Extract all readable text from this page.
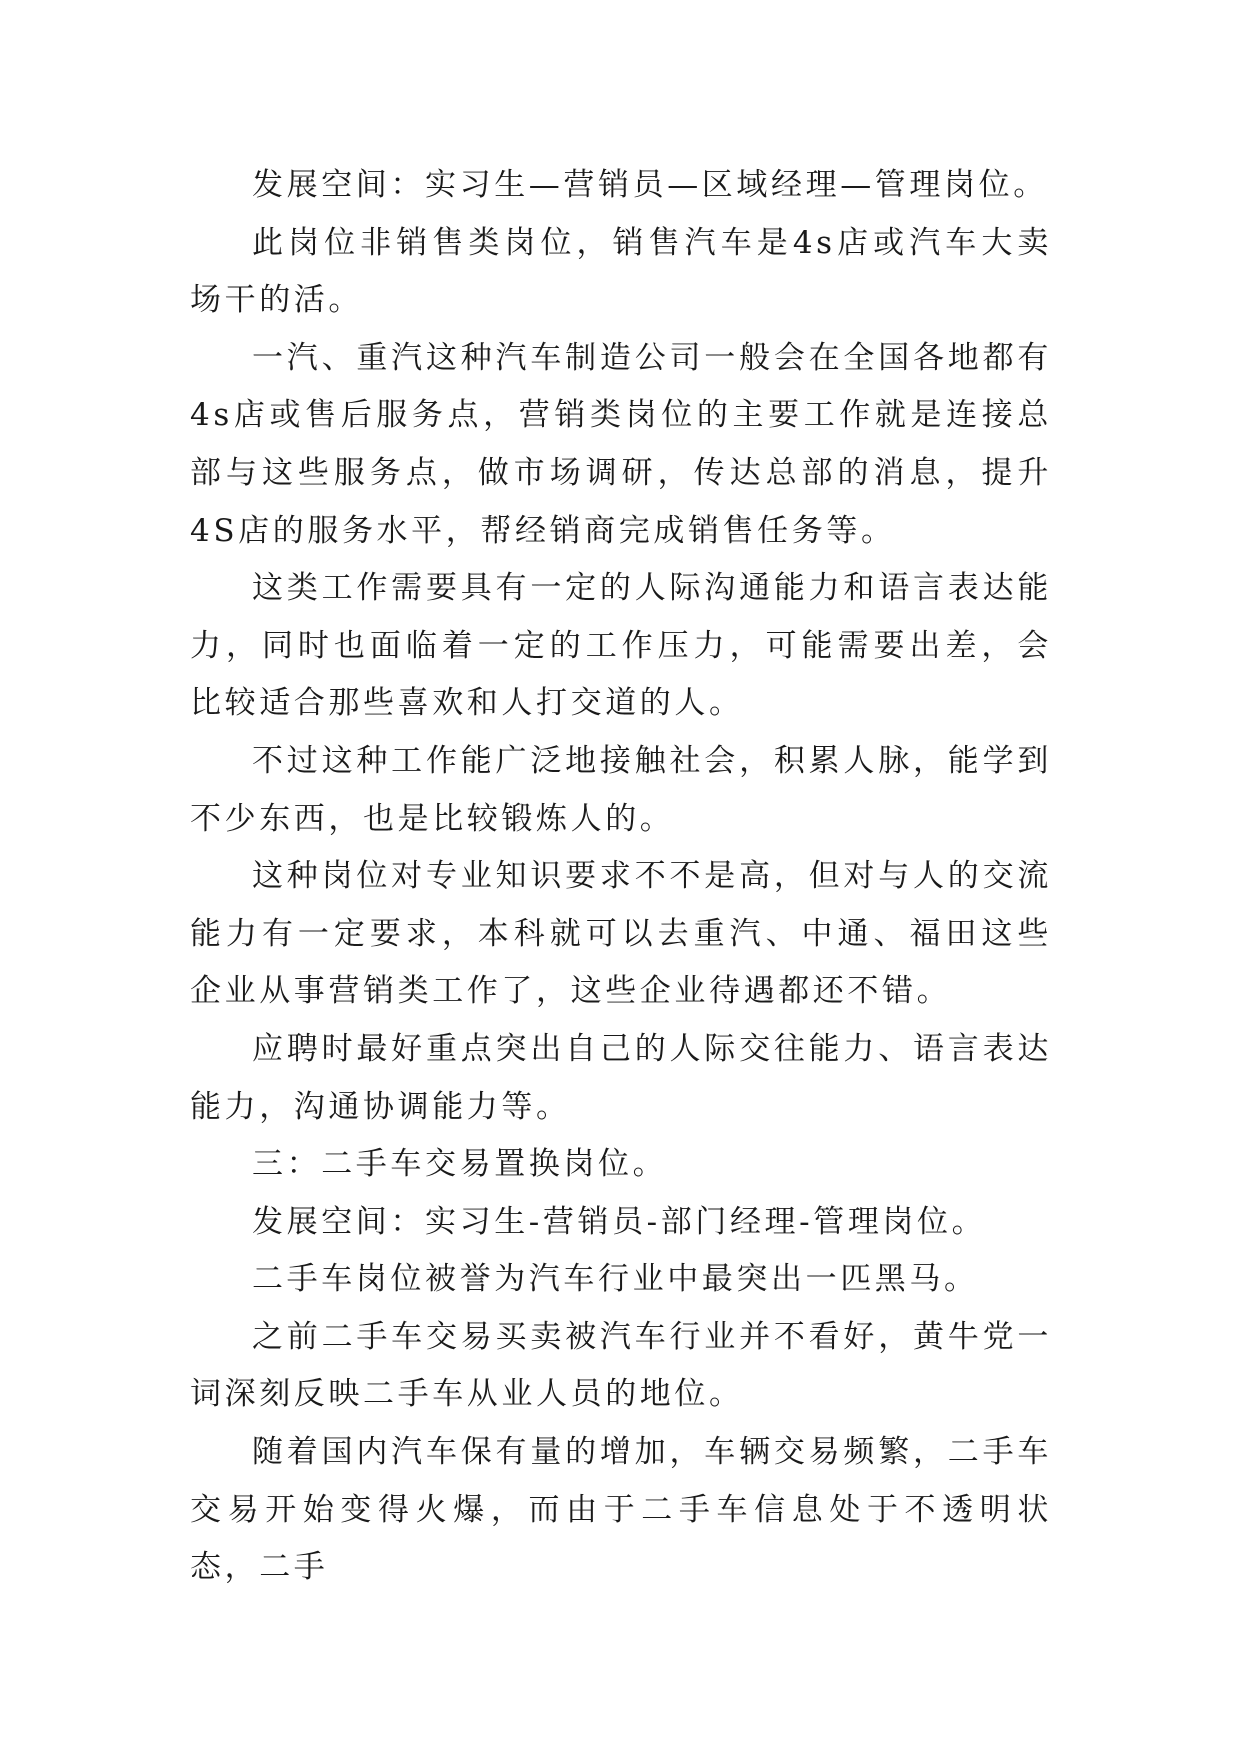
发展空间：实习生—营销员—区域经理—管理岗位。

此岗位非销售类岗位，销售汽车是4s店或汽车大卖场干的活。

一汽、重汽这种汽车制造公司一般会在全国各地都有4s店或售后服务点，营销类岗位的主要工作就是连接总部与这些服务点，做市场调研，传达总部的消息，提升4S店的服务水平，帮经销商完成销售任务等。

这类工作需要具有一定的人际沟通能力和语言表达能力，同时也面临着一定的工作压力，可能需要出差，会比较适合那些喜欢和人打交道的人。

不过这种工作能广泛地接触社会，积累人脉，能学到不少东西，也是比较锻炼人的。

这种岗位对专业知识要求不不是高，但对与人的交流能力有一定要求，本科就可以去重汽、中通、福田这些企业从事营销类工作了，这些企业待遇都还不错。

应聘时最好重点突出自己的人际交往能力、语言表达能力，沟通协调能力等。

三：二手车交易置换岗位。

发展空间：实习生-营销员-部门经理-管理岗位。

二手车岗位被誉为汽车行业中最突出一匹黑马。

之前二手车交易买卖被汽车行业并不看好，黄牛党一词深刻反映二手车从业人员的地位。

随着国内汽车保有量的增加，车辆交易频繁，二手车交易开始变得火爆，而由于二手车信息处于不透明状态，二手
